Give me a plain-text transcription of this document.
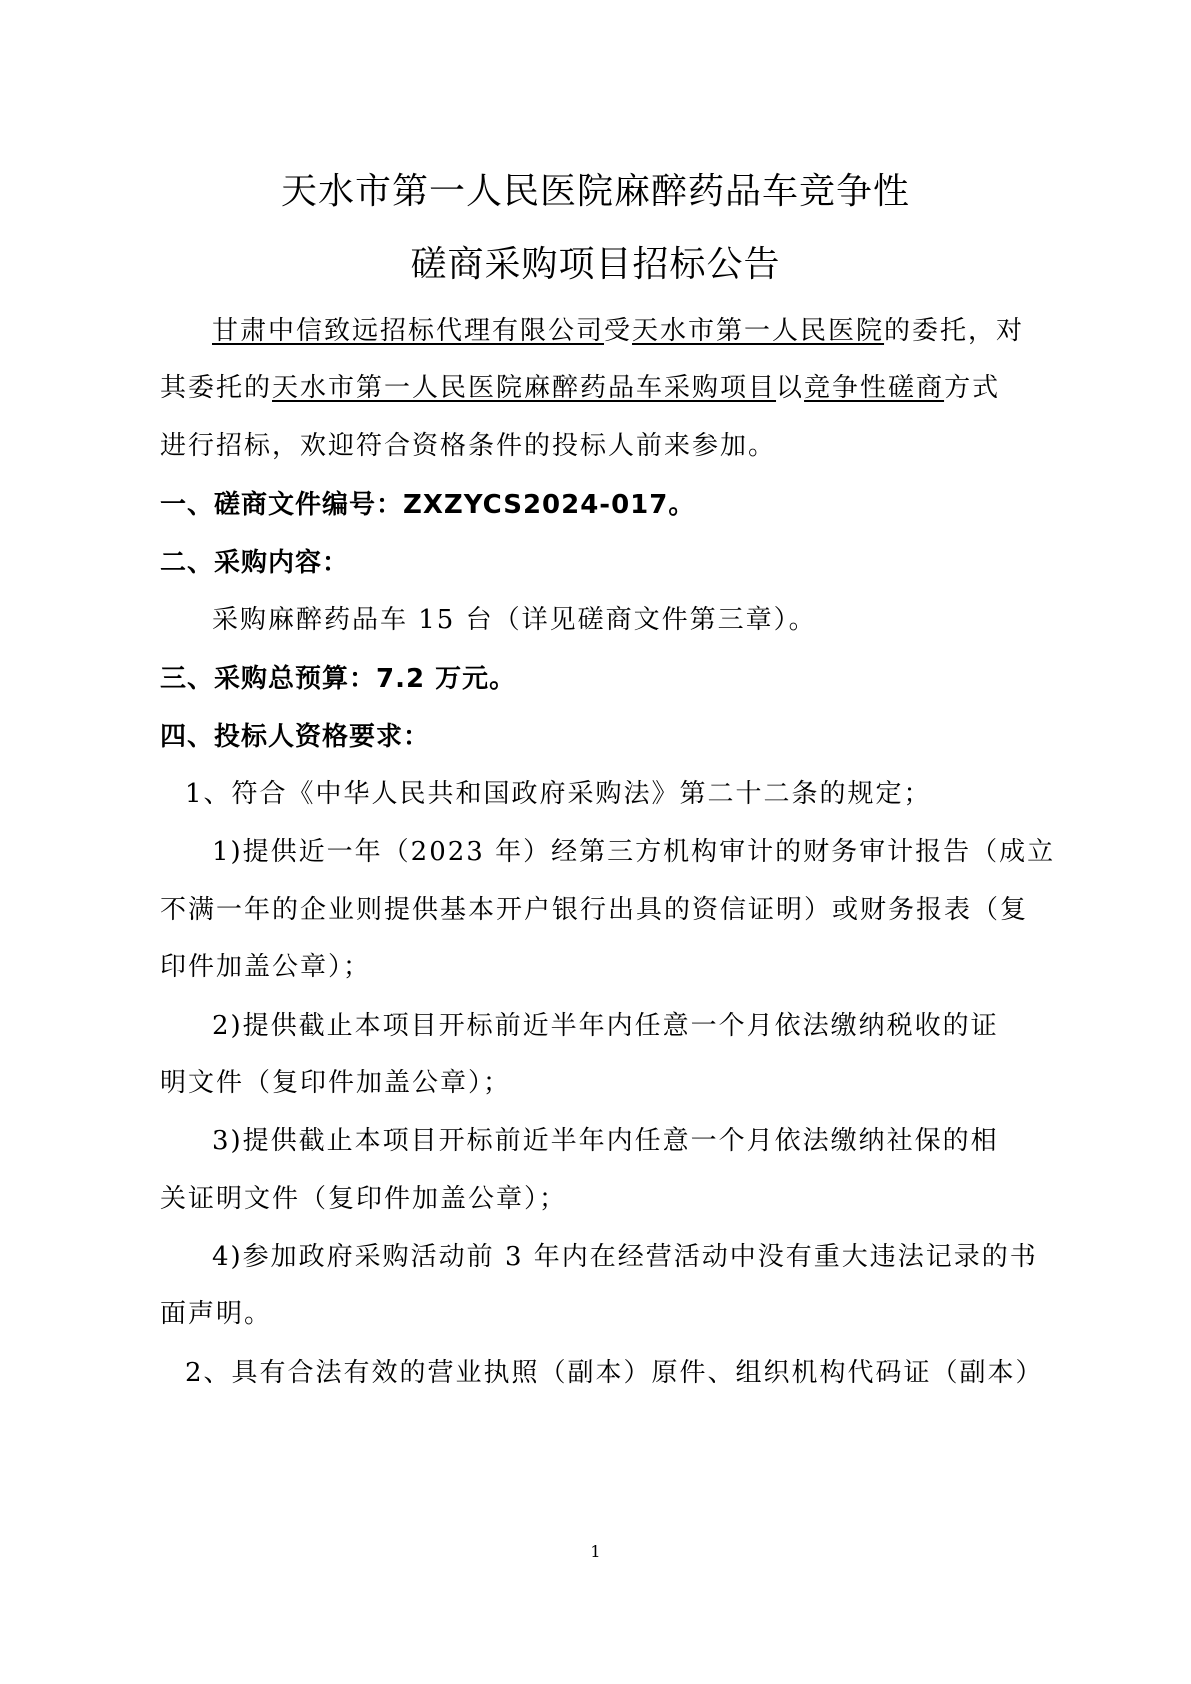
天水市第一人民医院麻醉药品车竞争性
磋商采购项目招标公告
甘肃中信致远招标代理有限公司受天水市第一人民医院的委托，对
其委托的天水市第一人民医院麻醉药品车采购项目以竞争性磋商方式
进行招标，欢迎符合资格条件的投标人前来参加。
一、磋商文件编号：ZXZYCS2024-017。
二、采购内容：
采购麻醉药品车 15 台（详见磋商文件第三章）。
三、采购总预算：7.2 万元。
四、投标人资格要求：
1、符合《中华人民共和国政府采购法》第二十二条的规定；
1)提供近一年（2023 年）经第三方机构审计的财务审计报告（成立
不满一年的企业则提供基本开户银行出具的资信证明）或财务报表（复
印件加盖公章）；
2)提供截止本项目开标前近半年内任意一个月依法缴纳税收的证
明文件（复印件加盖公章）；
3)提供截止本项目开标前近半年内任意一个月依法缴纳社保的相
关证明文件（复印件加盖公章）；
4)参加政府采购活动前 3 年内在经营活动中没有重大违法记录的书
面声明。
2、具有合法有效的营业执照（副本）原件、组织机构代码证（副本）
1
